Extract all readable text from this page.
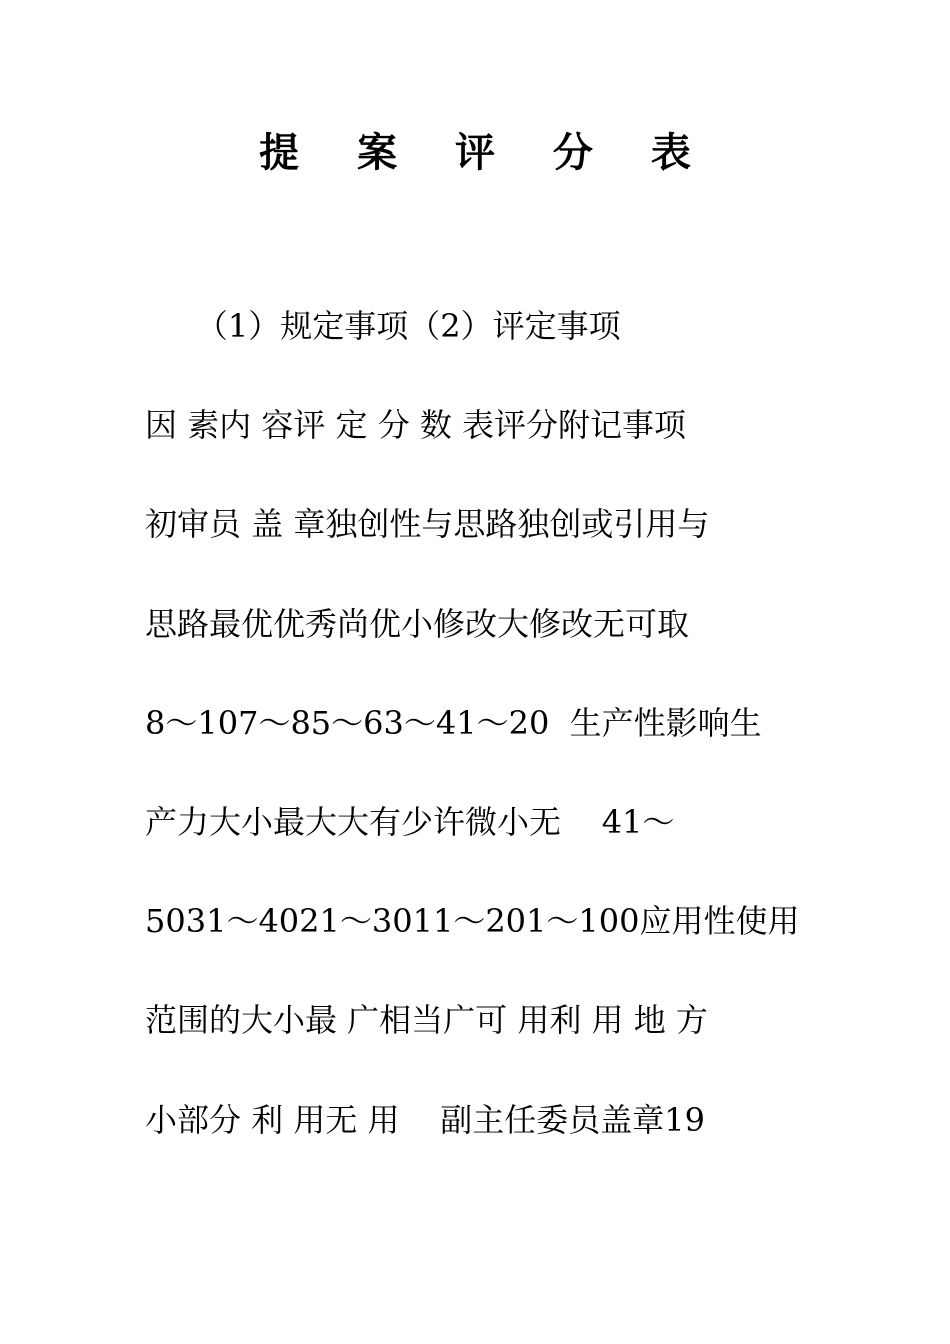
提 案 评 分 表
（1）规定事项（2）评定事项
因 素内 容评 定 分 数 表评分附记事项
初审员 盖 章独创性与思路独创或引用与
思路最优优秀尚优小修改大修改无可取
8～107～85～63～41～20  生产性影响生
产力大小最大大有少许微小无    41～
5031～4021～3011～201～100应用性使用
范围的大小最 广相当广可 用利 用 地 方
小部分 利 用无 用    副主任委员盖章19
